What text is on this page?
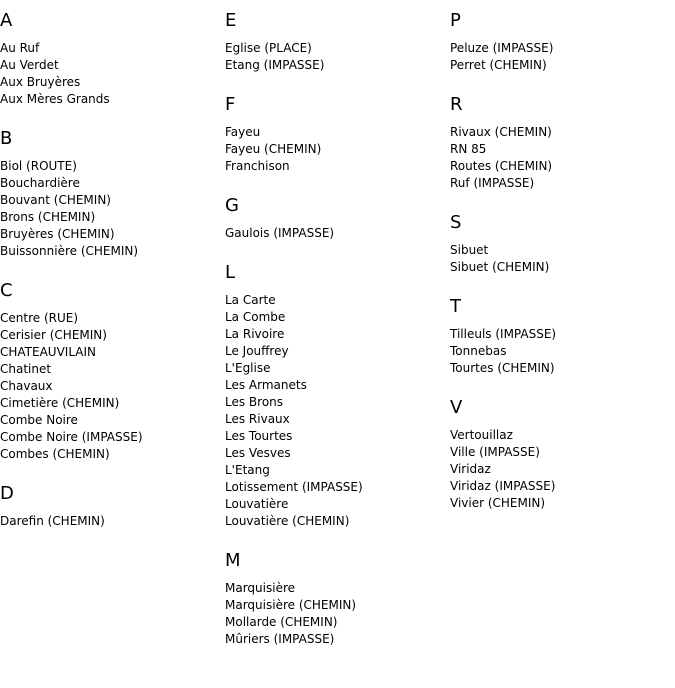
A
Au Ruf
Au Verdet
Aux Bruyères
Aux Mères Grands
B
Biol (ROUTE)
Bouchardière
Bouvant (CHEMIN)
Brons (CHEMIN)
Bruyères (CHEMIN)
Buissonnière (CHEMIN)
C
Centre (RUE)
Cerisier (CHEMIN)
CHATEAUVILAIN
Chatinet
Chavaux
Cimetière (CHEMIN)
Combe Noire
Combe Noire (IMPASSE)
Combes (CHEMIN)
D
Darefin (CHEMIN)
E
Eglise (PLACE)
Etang (IMPASSE)
F
Fayeu
Fayeu (CHEMIN)
Franchison
G
Gaulois (IMPASSE)
L
La Carte
La Combe
La Rivoire
Le Jouffrey
L'Eglise
Les Armanets
Les Brons
Les Rivaux
Les Tourtes
Les Vesves
L'Etang
Lotissement (IMPASSE)
Louvatière
Louvatière (CHEMIN)
M
Marquisière
Marquisière (CHEMIN)
Mollarde (CHEMIN)
Mûriers (IMPASSE)
P
Peluze (IMPASSE)
Perret (CHEMIN)
R
Rivaux (CHEMIN)
RN 85
Routes (CHEMIN)
Ruf (IMPASSE)
S
Sibuet
Sibuet (CHEMIN)
T
Tilleuls (IMPASSE)
Tonnebas
Tourtes (CHEMIN)
V
Vertouillaz
Ville (IMPASSE)
Viridaz
Viridaz (IMPASSE)
Vivier (CHEMIN)
